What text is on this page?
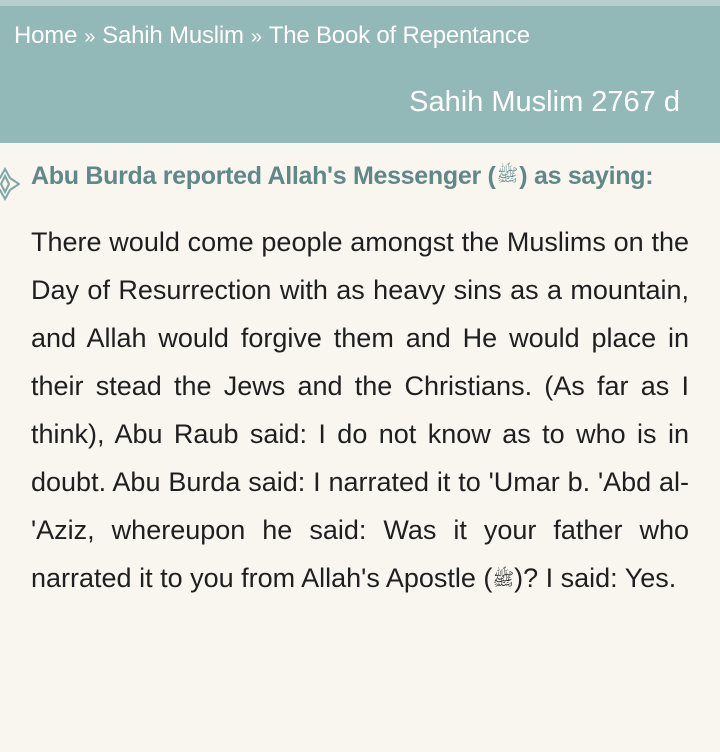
Home » Sahih Muslim » The Book of Repentance
Sahih Muslim 2767 d
Abu Burda reported Allah's Messenger (ﷺ) as saying:
There would come people amongst the Muslims on the Day of Resurrection with as heavy sins as a mountain, and Allah would forgive them and He would place in their stead the Jews and the Christians. (As far as I think), Abu Raub said: I do not know as to who is in doubt. Abu Burda said: I narrated it to 'Umar b. 'Abd al-'Aziz, whereupon he said: Was it your father who narrated it to you from Allah's Apostle (ﷺ)? I said: Yes.
